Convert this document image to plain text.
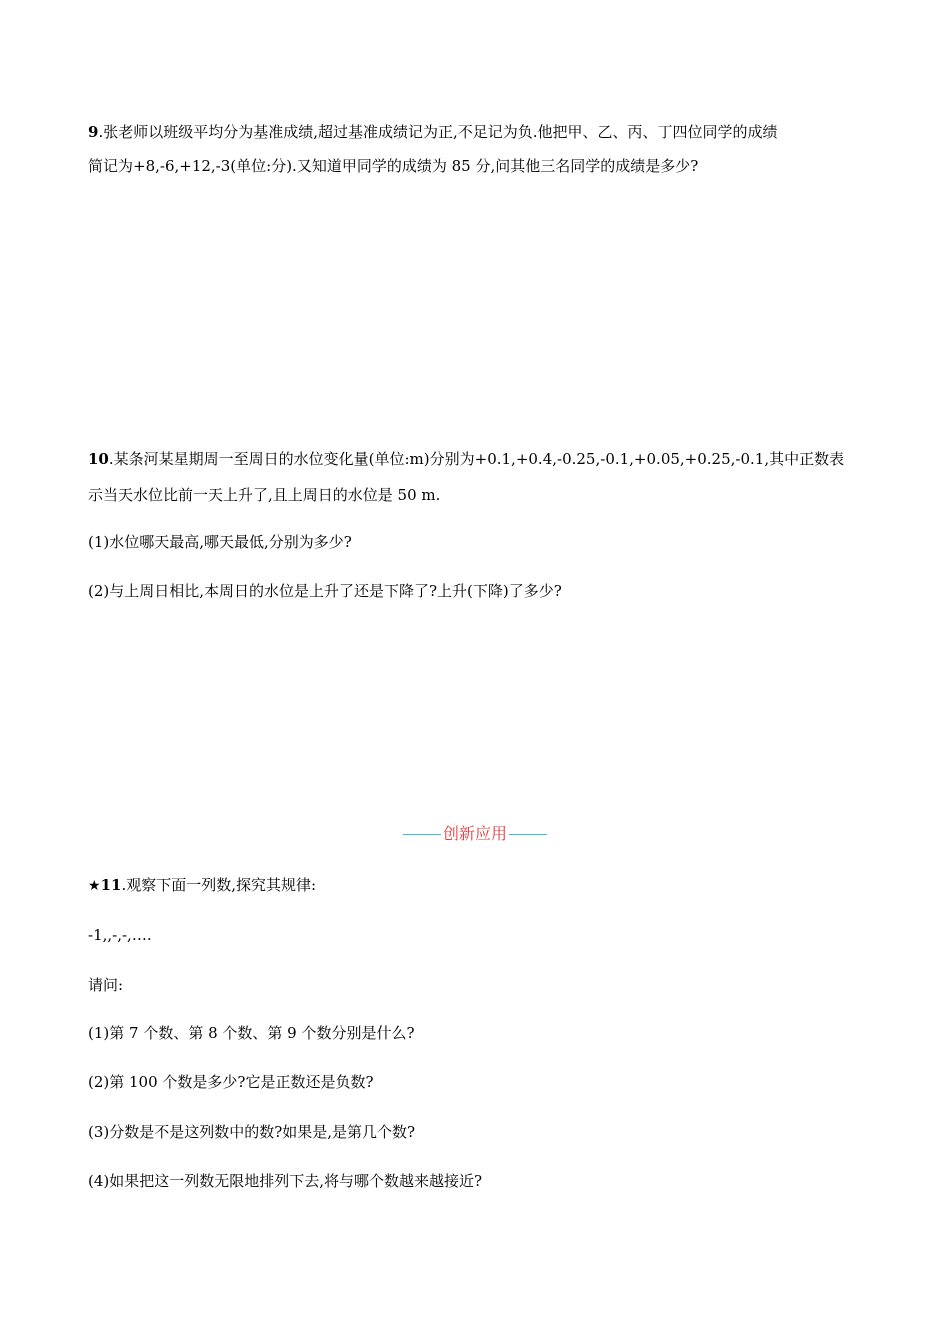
9.张老师以班级平均分为基准成绩,超过基准成绩记为正,不足记为负.他把甲、乙、丙、丁四位同学的成绩
简记为+8,-6,+12,-3(单位:分).又知道甲同学的成绩为 85 分,问其他三名同学的成绩是多少?
10.某条河某星期周一至周日的水位变化量(单位:m)分别为+0.1,+0.4,-0.25,-0.1,+0.05,+0.25,-0.1,其中正数表
示当天水位比前一天上升了,且上周日的水位是 50 m.
(1)水位哪天最高,哪天最低,分别为多少?
(2)与上周日相比,本周日的水位是上升了还是下降了?上升(下降)了多少?
创新应用
★11.观察下面一列数,探究其规律:
-1,,-,-,….
请问:
(1)第 7 个数、第 8 个数、第 9 个数分别是什么?
(2)第 100 个数是多少?它是正数还是负数?
(3)分数是不是这列数中的数?如果是,是第几个数?
(4)如果把这一列数无限地排列下去,将与哪个数越来越接近?
